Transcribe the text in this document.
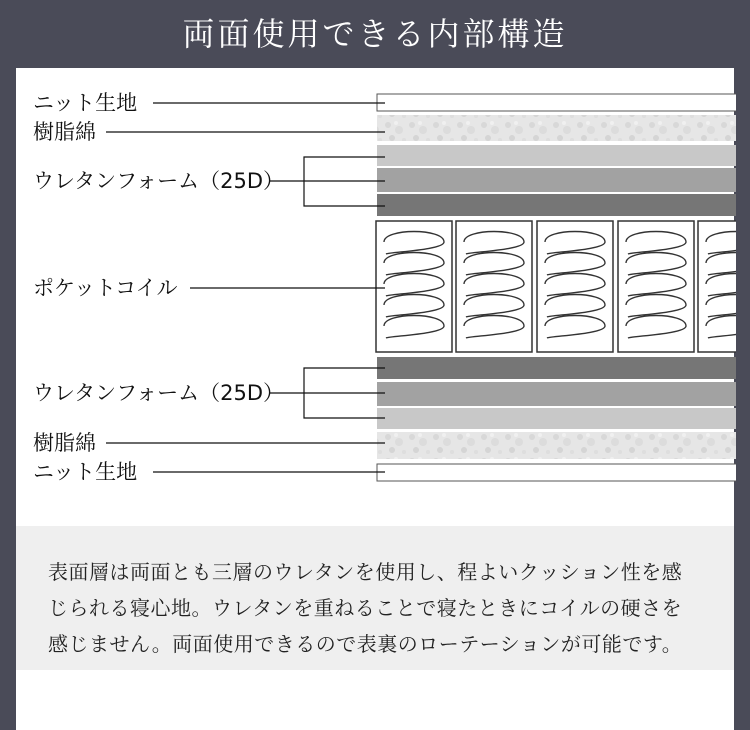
両面使用できる内部構造
ニット生地
樹脂綿
ウレタンフォーム（25D）
ポケットコイル
ウレタンフォーム（25D）
樹脂綿
ニット生地
表面層は両面とも三層のウレタンを使用し、程よいクッション性を感
じられる寝心地。ウレタンを重ねることで寝たときにコイルの硬さを
感じません。両面使用できるので表裏のローテーションが可能です。
